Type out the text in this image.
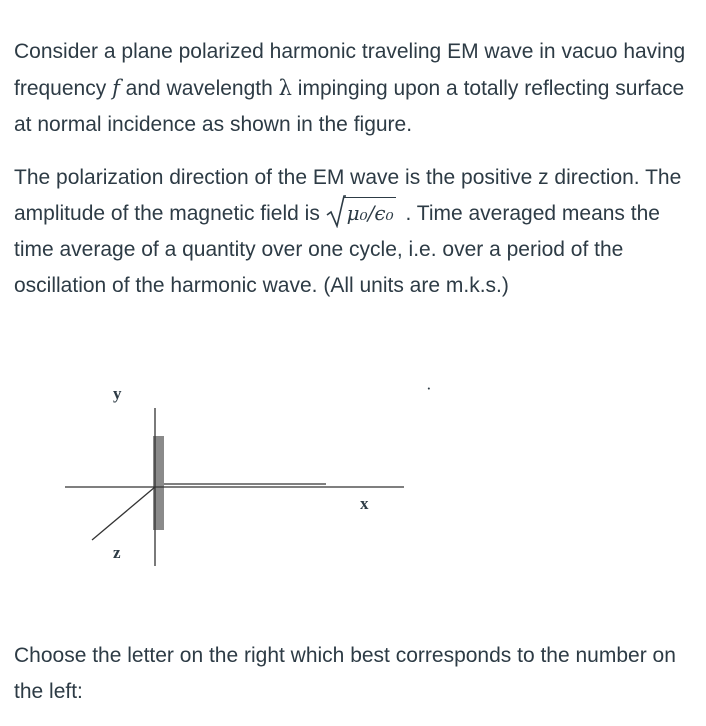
Consider a plane polarized harmonic traveling EM wave in vacuo having frequency f and wavelength λ impinging upon a totally reflecting surface at normal incidence as shown in the figure.

The polarization direction of the EM wave is the positive z direction. The amplitude of the magnetic field is
μ₀/ϵ₀ . Time averaged means the time average of a quantity over one cycle, i.e. over a period of the oscillation of the harmonic wave. (All units are m.k.s.)

y
x
z
·

Choose the letter on the right which best corresponds to the number on the left:
